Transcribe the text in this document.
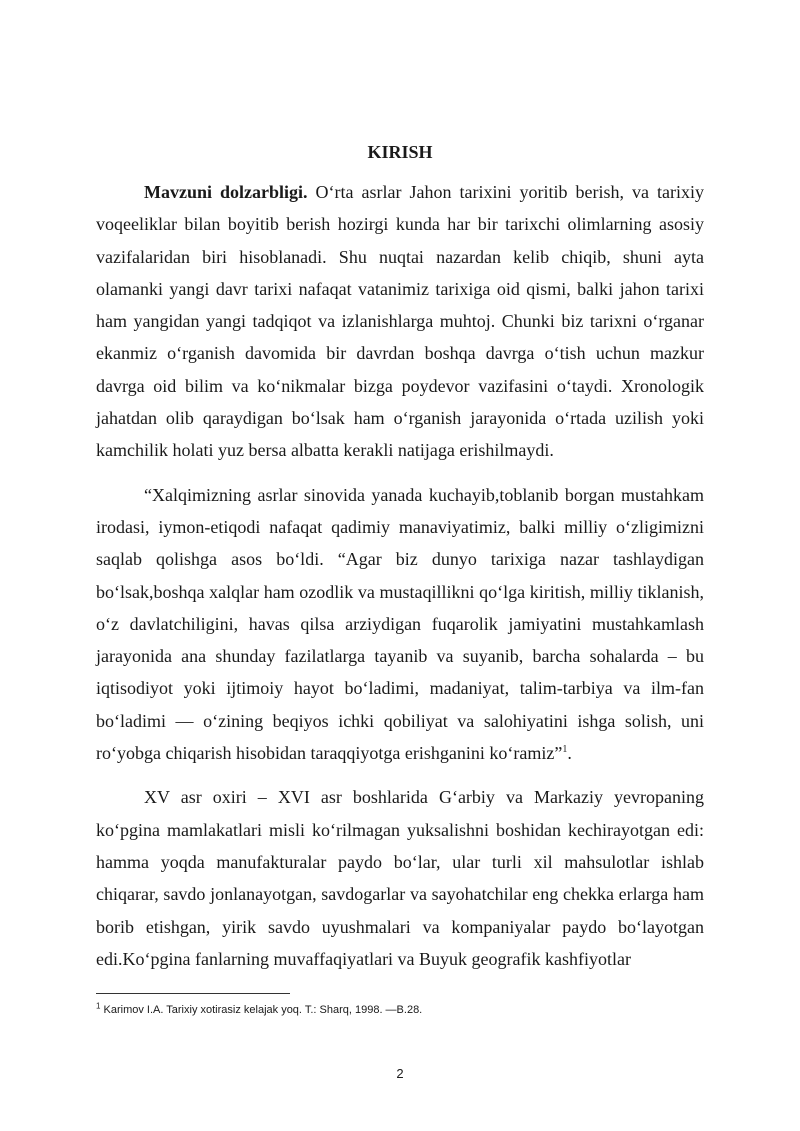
KIRISH

Mavzuni dolzarbligi. O‘rta asrlar Jahon tarixini yoritib berish, va tarixiy voqeeliklar bilan boyitib berish hozirgi kunda har bir tarixchi olimlarning asosiy vazifalaridan biri hisoblanadi. Shu nuqtai nazardan kelib chiqib, shuni ayta olamanki yangi davr tarixi nafaqat vatanimiz tarixiga oid qismi, balki jahon tarixi ham yangidan yangi tadqiqot va izlanishlarga muhtoj. Chunki biz tarixni o‘rganar ekanmiz o‘rganish davomida bir davrdan boshqa davrga o‘tish uchun mazkur davrga oid bilim va ko‘nikmalar bizga poydevor vazifasini o‘taydi. Xronologik jahatdan olib qaraydigan bo‘lsak ham o‘rganish jarayonida o‘rtada uzilish yoki kamchilik holati yuz bersa albatta kerakli natijaga erishilmaydi.

“Xalqimizning asrlar sinovida yanada kuchayib,toblanib borgan mustahkam irodasi, iymon-etiqodi nafaqat qadimiy manaviyatimiz, balki milliy o‘zligimizni saqlab qolishga asos bo‘ldi. “Agar biz dunyo tarixiga nazar tashlaydigan bo‘lsak,boshqa xalqlar ham ozodlik va mustaqillikni qo‘lga kiritish, milliy tiklanish, o‘z davlatchiligini, havas qilsa arziydigan fuqarolik jamiyatini mustahkamlash jarayonida ana shunday fazilatlarga tayanib va suyanib, barcha sohalarda – bu iqtisodiyot yoki ijtimoiy hayot bo‘ladimi, madaniyat, talim-tarbiya va ilm-fan bo‘ladimi — o‘zining beqiyos ichki qobiliyat va salohiyatini ishga solish, uni ro‘yobga chiqarish hisobidan taraqqiyotga erishganini ko‘ramiz”$^1$.

XV asr oxiri – XVI asr boshlarida G‘arbiy va Markaziy yevropaning ko‘pgina mamlakatlari misli ko‘rilmagan yuksalishni boshidan kechirayotgan edi: hamma yoqda manufakturalar paydo bo‘lar, ular turli xil mahsulotlar ishlab chiqarar, savdo jonlanayotgan, savdogarlar va sayohatchilar eng chekka erlarga ham borib etishgan, yirik savdo uyushmalari va kompaniyalar paydo bo‘layotgan edi.Ko‘pgina fanlarning muvaffaqiyatlari va Buyuk geografik kashfiyotlar

$^1$ Karimov I.A. Tarixiy xotirasiz kelajak yoq. T.: Sharq, 1998. —B.28.
2
